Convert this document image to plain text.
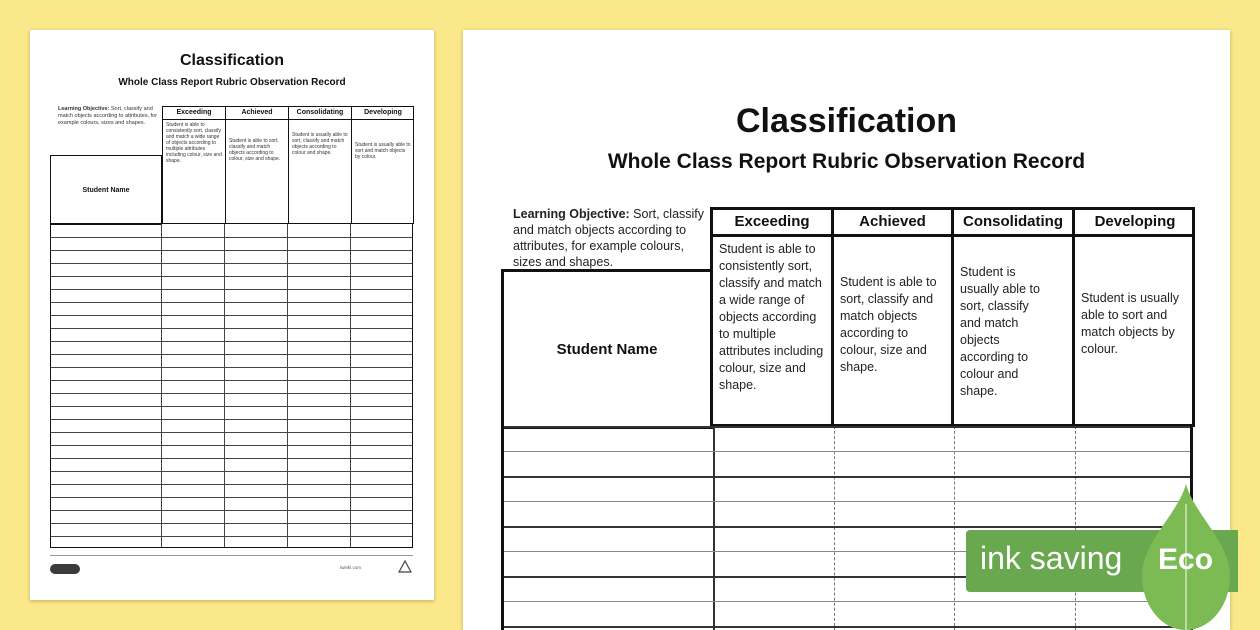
Classification
Whole Class Report Rubric Observation Record
Learning Objective: Sort, classify and match objects according to attributes, for example colours, sizes and shapes.
Exceeding
Student is able to consistently sort, classify and match a wide range of objects according to multiple attributes including colour, size and shape.
Achieved
Student is able to sort, classify and match objects according to colour, size and shape.
Consolidating
Student is usually able to sort, classify and match objects according to colour and shape.
Developing
Student is usually able to sort and match objects by colour.
Student Name
twinkl.com
Classification
Whole Class Report Rubric Observation Record
Learning Objective: Sort, classify and match objects according to attributes, for example colours, sizes and shapes.
Exceeding
Student is able to consistently sort, classify and match a wide range of objects according to multiple attributes including colour, size and shape.
Achieved
Student is able to sort, classify and match objects according to colour, size and shape.
Consolidating
Student is usually able to sort, classify and match objects according to colour and shape.
Developing
Student is usually able to sort and match objects by colour.
Student Name
ink saving Eco
